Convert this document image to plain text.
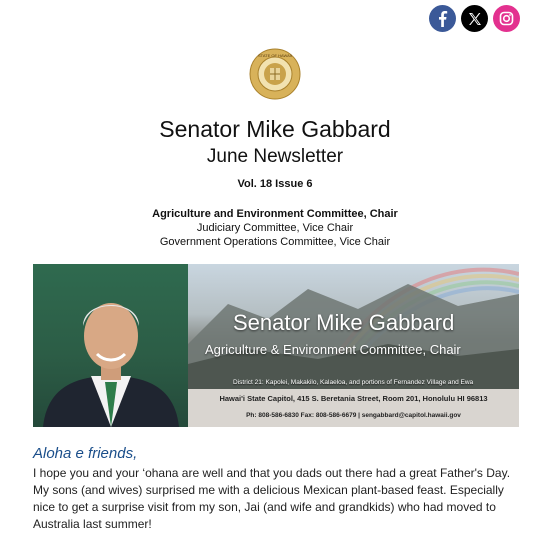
STATE OF HAWAII
Senator Mike Gabbard
June Newsletter
Vol. 18 Issue 6
Agriculture and Environment Committee, Chair
Judiciary Committee, Vice Chair
Government Operations Committee, Vice Chair
Senator Mike Gabbard
Agriculture & Environment Committee, Chair
District 21: Kapolei, Makakilo, Kalaeloa, and portions of Fernandez Village and Ewa
Hawai'i State Capitol, 415 S. Beretania Street, Room 201, Honolulu HI 96813
Ph: 808-586-6830 Fax: 808-586-6679 | sengabbard@capitol.hawaii.gov
Aloha e friends,
I hope you and your ‘ohana are well and that you dads out there had a great Father's Day. My sons (and wives) surprised me with a delicious Mexican plant-based feast. Especially nice to get a surprise visit from my son, Jai (and wife and grandkids) who had moved to Australia last summer!
